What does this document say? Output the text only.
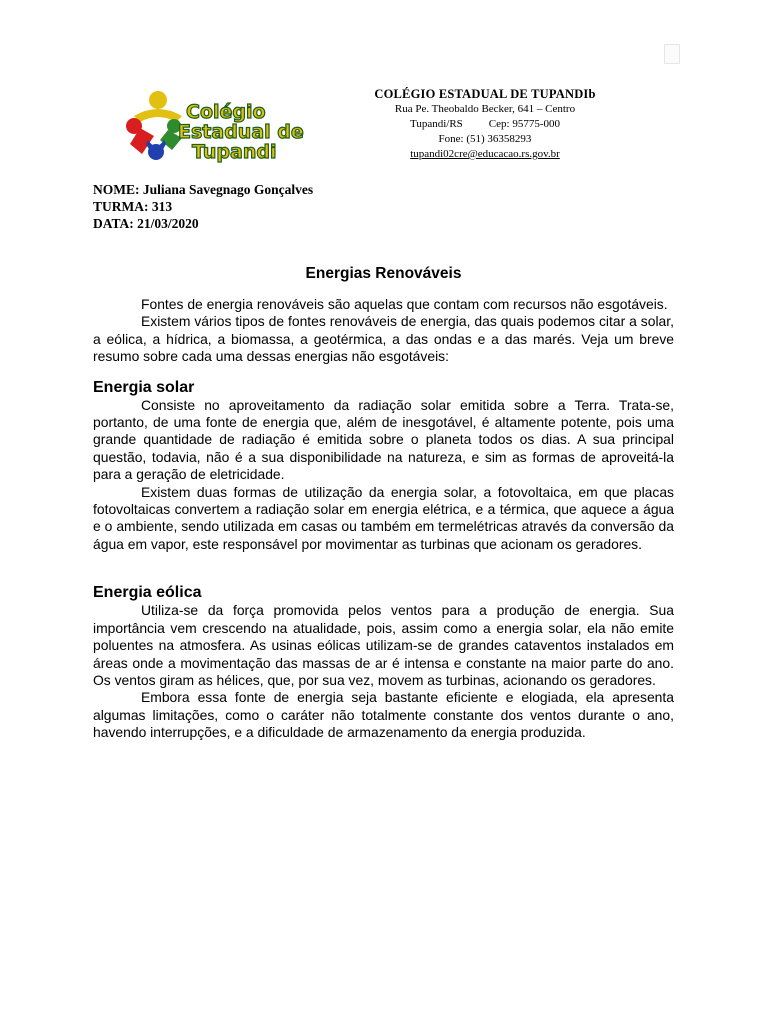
Colégio
Estadual de
Tupandi
COLÉGIO ESTADUAL DE TUPANDIb
Rua Pe. Theobaldo Becker, 641 – Centro
Tupandi/RS Cep: 95775-000
Fone: (51) 36358293
tupandi02cre@educacao.rs.gov.br
NOME: Juliana Savegnago Gonçalves
TURMA: 313
DATA: 21/03/2020
Energias Renováveis

Fontes de energia renováveis são aquelas que contam com recursos não esgotáveis.

Existem vários tipos de fontes renováveis de energia, das quais podemos citar a solar, a eólica, a hídrica, a biomassa, a geotérmica, a das ondas e a das marés. Veja um breve resumo sobre cada uma dessas energias não esgotáveis:

Energia solar

Consiste no aproveitamento da radiação solar emitida sobre a Terra. Trata-se, portanto, de uma fonte de energia que, além de inesgotável, é altamente potente, pois uma grande quantidade de radiação é emitida sobre o planeta todos os dias. A sua principal questão, todavia, não é a sua disponibilidade na natureza, e sim as formas de aproveitá-la para a geração de eletricidade.

Existem duas formas de utilização da energia solar, a fotovoltaica, em que placas fotovoltaicas convertem a radiação solar em energia elétrica, e a térmica, que aquece a água e o ambiente, sendo utilizada em casas ou também em termelétricas através da conversão da água em vapor, este responsável por movimentar as turbinas que acionam os geradores.

Energia eólica

Utiliza-se da força promovida pelos ventos para a produção de energia. Sua importância vem crescendo na atualidade, pois, assim como a energia solar, ela não emite poluentes na atmosfera. As usinas eólicas utilizam-se de grandes cataventos instalados em áreas onde a movimentação das massas de ar é intensa e constante na maior parte do ano. Os ventos giram as hélices, que, por sua vez, movem as turbinas, acionando os geradores.

Embora essa fonte de energia seja bastante eficiente e elogiada, ela apresenta algumas limitações, como o caráter não totalmente constante dos ventos durante o ano, havendo interrupções, e a dificuldade de armazenamento da energia produzida.
